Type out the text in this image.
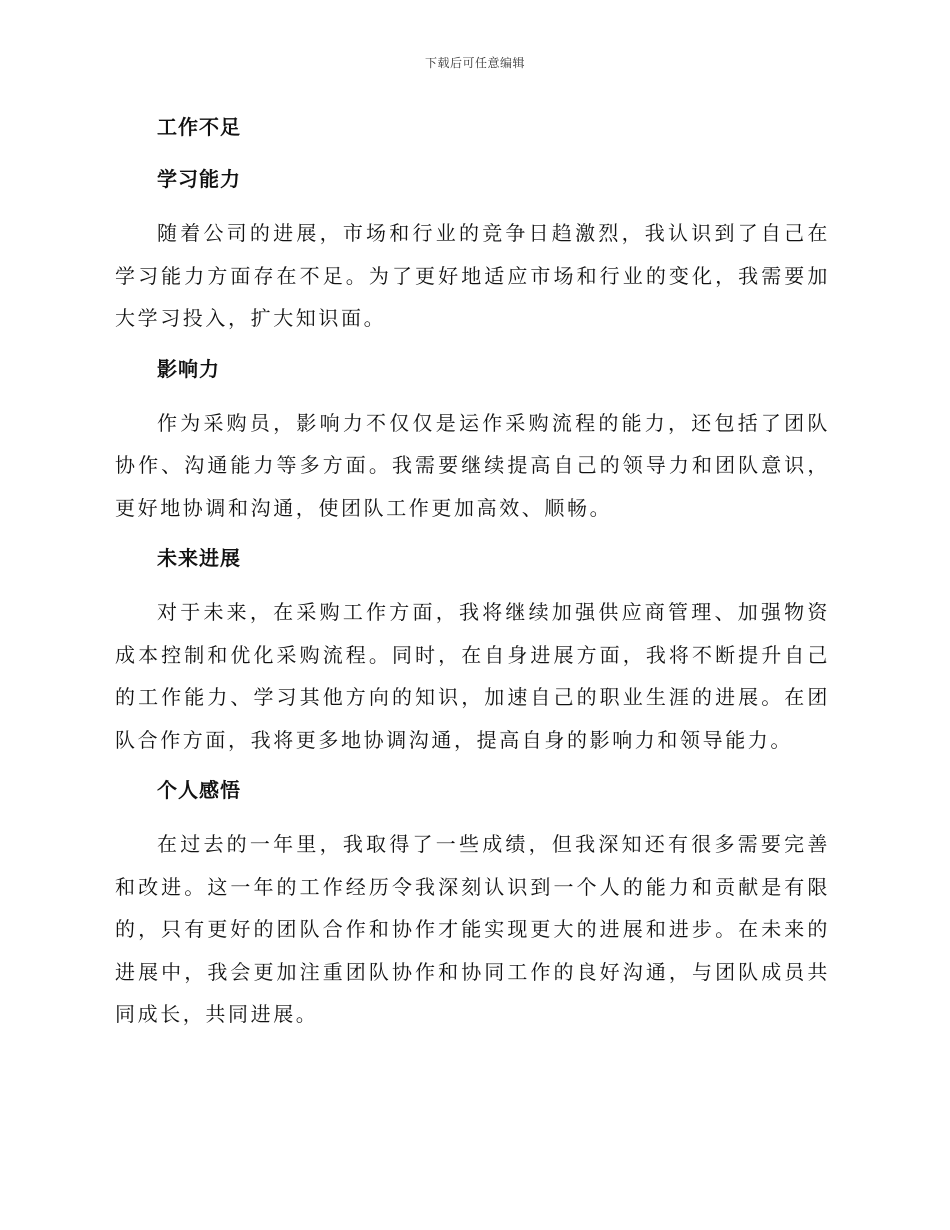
下载后可任意编辑
工作不足
学习能力

随着公司的进展，市场和行业的竞争日趋激烈，我认识到了自己在学习能力方面存在不足。为了更好地适应市场和行业的变化，我需要加大学习投入，扩大知识面。

影响力

作为采购员，影响力不仅仅是运作采购流程的能力，还包括了团队协作、沟通能力等多方面。我需要继续提高自己的领导力和团队意识，更好地协调和沟通，使团队工作更加高效、顺畅。

未来进展

对于未来，在采购工作方面，我将继续加强供应商管理、加强物资成本控制和优化采购流程。同时，在自身进展方面，我将不断提升自己的工作能力、学习其他方向的知识，加速自己的职业生涯的进展。在团队合作方面，我将更多地协调沟通，提高自身的影响力和领导能力。

个人感悟

在过去的一年里，我取得了一些成绩，但我深知还有很多需要完善和改进。这一年的工作经历令我深刻认识到一个人的能力和贡献是有限的，只有更好的团队合作和协作才能实现更大的进展和进步。在未来的进展中，我会更加注重团队协作和协同工作的良好沟通，与团队成员共同成长，共同进展。
